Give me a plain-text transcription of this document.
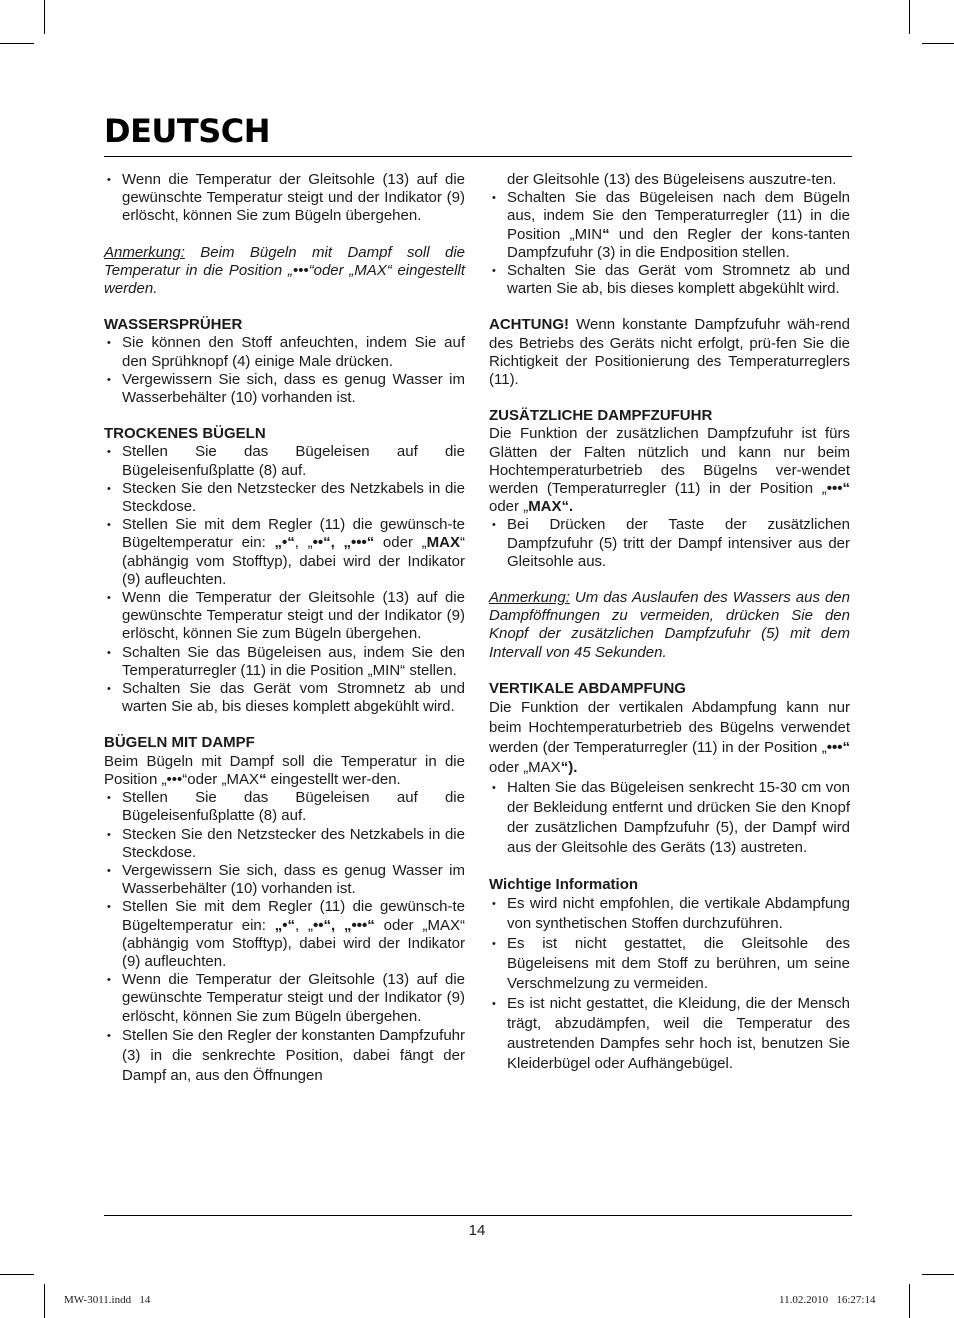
DEUTSCH
• Wenn die Temperatur der Gleitsohle (13) auf die gewünschte Temperatur steigt und der Indikator (9) erlöscht, können Sie zum Bügeln übergehen.

Anmerkung: Beim Bügeln mit Dampf soll die Temperatur in die Position „•••“oder „MAX“ eingestellt werden.

WASSERSPRÜHER

• Sie können den Stoff anfeuchten, indem Sie auf den Sprühknopf (4) einige Male drücken.
• Vergewissern Sie sich, dass es genug Wasser im Wasserbehälter (10) vorhanden ist.

TROCKENES BÜGELN

• Stellen Sie das Bügeleisen auf die Bügeleisenfußplatte (8) auf.
• Stecken Sie den Netzstecker des Netzkabels in die Steckdose.
• Stellen Sie mit dem Regler (11) die gewünsch-te Bügeltemperatur ein: „•“, „••“, „•••“ oder „MAX“ (abhängig vom Stofftyp), dabei wird der Indikator (9) aufleuchten.
• Wenn die Temperatur der Gleitsohle (13) auf die gewünschte Temperatur steigt und der Indikator (9) erlöscht, können Sie zum Bügeln übergehen.
• Schalten Sie das Bügeleisen aus, indem Sie den Temperaturregler (11) in die Position „MIN“ stellen.
• Schalten Sie das Gerät vom Stromnetz ab und warten Sie ab, bis dieses komplett abgekühlt wird.

BÜGELN MIT DAMPF

Beim Bügeln mit Dampf soll die Temperatur in die Position „•••“oder „MAX“ eingestellt wer-den.

• Stellen Sie das Bügeleisen auf die Bügeleisenfußplatte (8) auf.
• Stecken Sie den Netzstecker des Netzkabels in die Steckdose.
• Vergewissern Sie sich, dass es genug Wasser im Wasserbehälter (10) vorhanden ist.
• Stellen Sie mit dem Regler (11) die gewünsch-te Bügeltemperatur ein: „•“, „••“, „•••“ oder „MAX“ (abhängig vom Stofftyp), dabei wird der Indikator (9) aufleuchten.
• Wenn die Temperatur der Gleitsohle (13) auf die gewünschte Temperatur steigt und der Indikator (9) erlöscht, können Sie zum Bügeln übergehen.
• Stellen Sie den Regler der konstanten Dampfzufuhr (3) in die senkrechte Position, dabei fängt der Dampf an, aus den Öffnungen

der Gleitsohle (13) des Bügeleisens auszutre-ten.

• Schalten Sie das Bügeleisen nach dem Bügeln aus, indem Sie den Temperaturregler (11) in die Position „MIN“ und den Regler der kons-tanten Dampfzufuhr (3) in die Endposition stellen.
• Schalten Sie das Gerät vom Stromnetz ab und warten Sie ab, bis dieses komplett abgekühlt wird.

ACHTUNG! Wenn konstante Dampfzufuhr wäh-rend des Betriebs des Geräts nicht erfolgt, prü-fen Sie die Richtigkeit der Positionierung des Temperaturreglers (11).

ZUSÄTZLICHE DAMPFZUFUHR

Die Funktion der zusätzlichen Dampfzufuhr ist fürs Glätten der Falten nützlich und kann nur beim Hochtemperaturbetrieb des Bügelns ver-wendet werden (Temperaturregler (11) in der Position „•••“ oder „MAX“.

• Bei Drücken der Taste der zusätzlichen Dampfzufuhr (5) tritt der Dampf intensiver aus der Gleitsohle aus.

Anmerkung: Um das Auslaufen des Wassers aus den Dampföffnungen zu vermeiden, drücken Sie den Knopf der zusätzlichen Dampfzufuhr (5) mit dem Intervall von 45 Sekunden.

VERTIKALE ABDAMPFUNG

Die Funktion der vertikalen Abdampfung kann nur beim Hochtemperaturbetrieb des Bügelns verwendet werden (der Temperaturregler (11) in der Position „•••“ oder „MAX“).

• Halten Sie das Bügeleisen senkrecht 15-30 cm von der Bekleidung entfernt und drücken Sie den Knopf der zusätzlichen Dampfzufuhr (5), der Dampf wird aus der Gleitsohle des Geräts (13) austreten.

Wichtige Information

• Es wird nicht empfohlen, die vertikale Abdampfung von synthetischen Stoffen durchzuführen.
• Es ist nicht gestattet, die Gleitsohle des Bügeleisens mit dem Stoff zu berühren, um seine Verschmelzung zu vermeiden.
• Es ist nicht gestattet, die Kleidung, die der Mensch trägt, abzudämpfen, weil die Temperatur des austretenden Dampfes sehr hoch ist, benutzen Sie Kleiderbügel oder Aufhängebügel.
14
MW-3011.indd   14	11.02.2010   16:27:14
